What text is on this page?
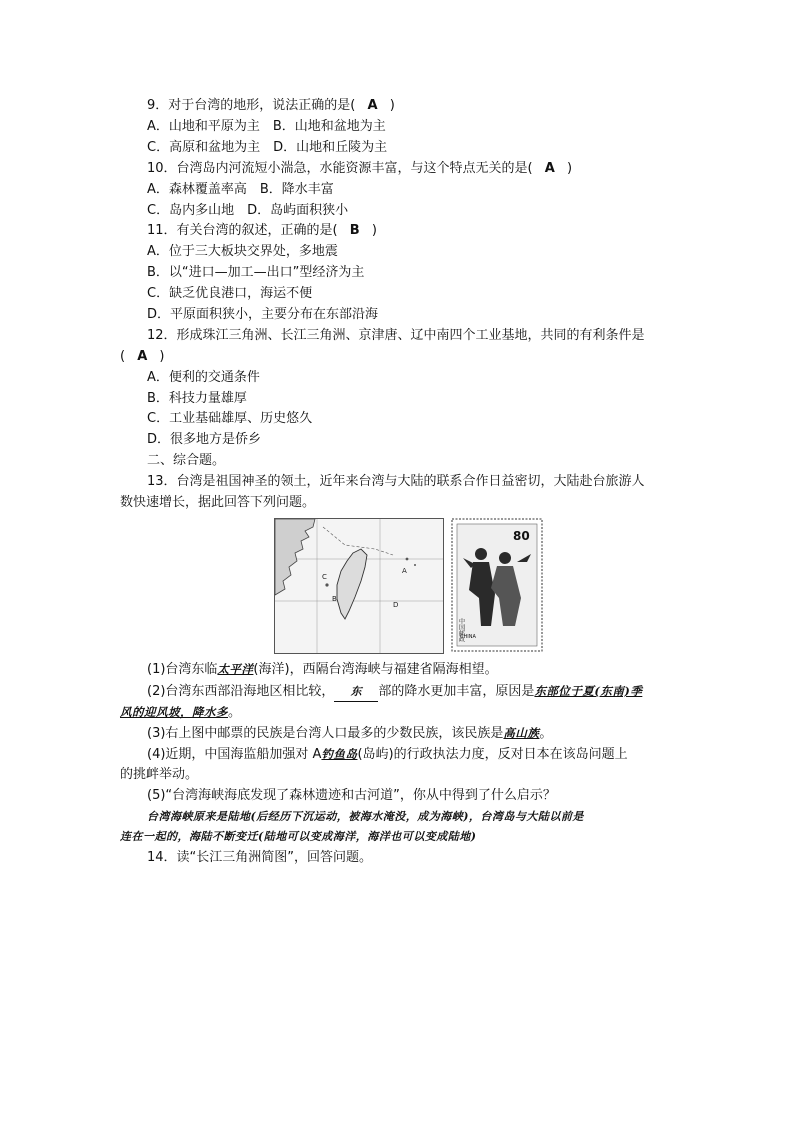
9．对于台湾的地形，说法正确的是( A )
A．山地和平原为主　B．山地和盆地为主
C．高原和盆地为主　D．山地和丘陵为主
10．台湾岛内河流短小湍急，水能资源丰富，与这个特点无关的是( A )
A．森林覆盖率高　B．降水丰富
C．岛内多山地　D．岛屿面积狭小
11．有关台湾的叙述，正确的是( B )
A．位于三大板块交界处，多地震
B．以“进口—加工—出口”型经济为主
C．缺乏优良港口，海运不便
D．平原面积狭小，主要分布在东部沿海
12．形成珠江三角洲、长江三角洲、京津唐、辽中南四个工业基地，共同的有利条件是
( A )
A．便利的交通条件
B．科技力量雄厚
C．工业基础雄厚、历史悠久
D．很多地方是侨乡
二、综合题。
13．台湾是祖国神圣的领土，近年来台湾与大陆的联系合作日益密切，大陆赴台旅游人
数快速增长，据此回答下列问题。
C
B
D
A
80
中国邮政
CHINA
(1)台湾东临太平洋(海洋)，西隔台湾海峡与福建省隔海相望。
(2)台湾东西部沿海地区相比较， 东 部的降水更加丰富，原因是东部位于夏(东南)季
风的迎风坡，降水多。
(3)右上图中邮票的民族是台湾人口最多的少数民族，该民族是高山族。
(4)近期，中国海监船加强对 A钓鱼岛(岛屿)的行政执法力度，反对日本在该岛问题上
的挑衅举动。
(5)“台湾海峡海底发现了森林遗迹和古河道”，你从中得到了什么启示？
台湾海峡原来是陆地(后经历下沉运动，被海水淹没，成为海峡)，台湾岛与大陆以前是
连在一起的，海陆不断变迁(陆地可以变成海洋，海洋也可以变成陆地)
14．读“长江三角洲简图”，回答问题。
